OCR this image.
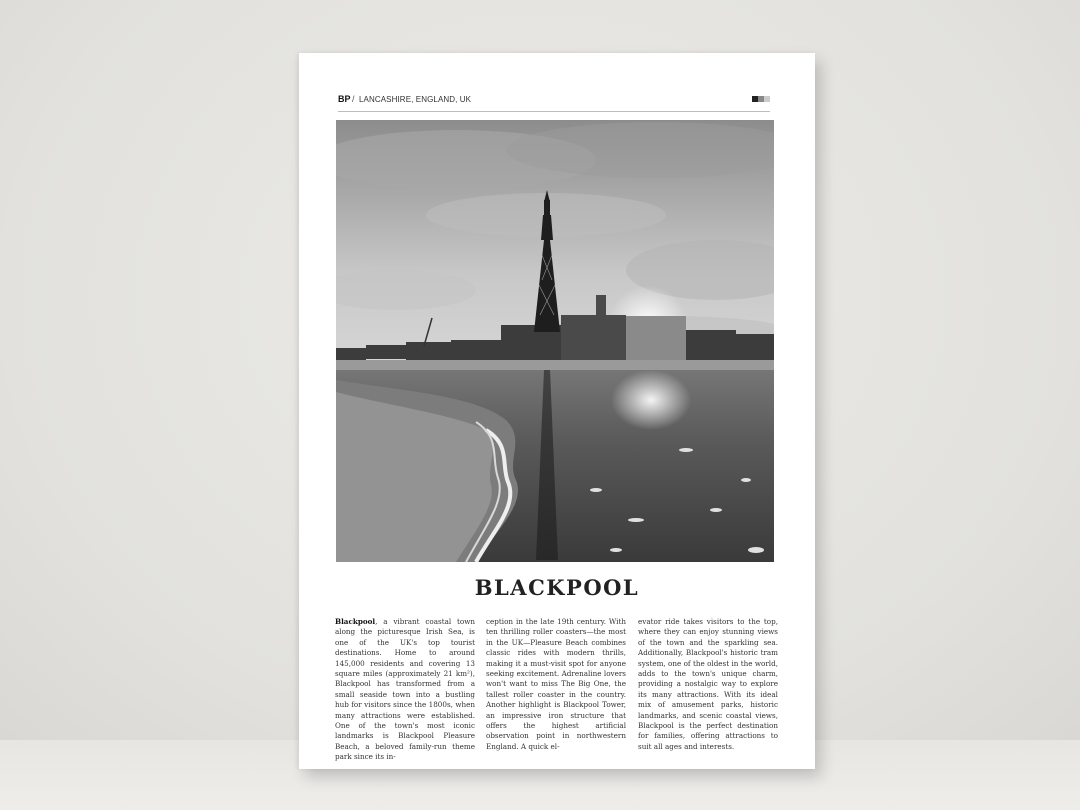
BP / LANCASHIRE, ENGLAND, UK
BLACKPOOL
Blackpool, a vibrant coastal town along the picturesque Irish Sea, is one of the UK's top tourist destinations. Home to around 145,000 residents and covering 13 square miles (approximately 21 km²), Blackpool has transformed from a small seaside town into a bustling hub for visitors since the 1800s, when many attractions were established. One of the town's most iconic landmarks is Blackpool Pleasure Beach, a beloved family-run theme park since its in-
ception in the late 19th century. With ten thrilling roller coasters—the most in the UK—Pleasure Beach combines classic rides with modern thrills, making it a must-visit spot for anyone seeking excitement. Adrenaline lovers won't want to miss The Big One, the tallest roller coaster in the country. Another highlight is Blackpool Tower, an impressive iron structure that offers the highest artificial observation point in northwestern England. A quick el-
evator ride takes visitors to the top, where they can enjoy stunning views of the town and the sparkling sea. Additionally, Blackpool's historic tram system, one of the oldest in the world, adds to the town's unique charm, providing a nostalgic way to explore its many attractions. With its ideal mix of amusement parks, historic landmarks, and scenic coastal views, Blackpool is the perfect destination for families, offering attractions to suit all ages and interests.
